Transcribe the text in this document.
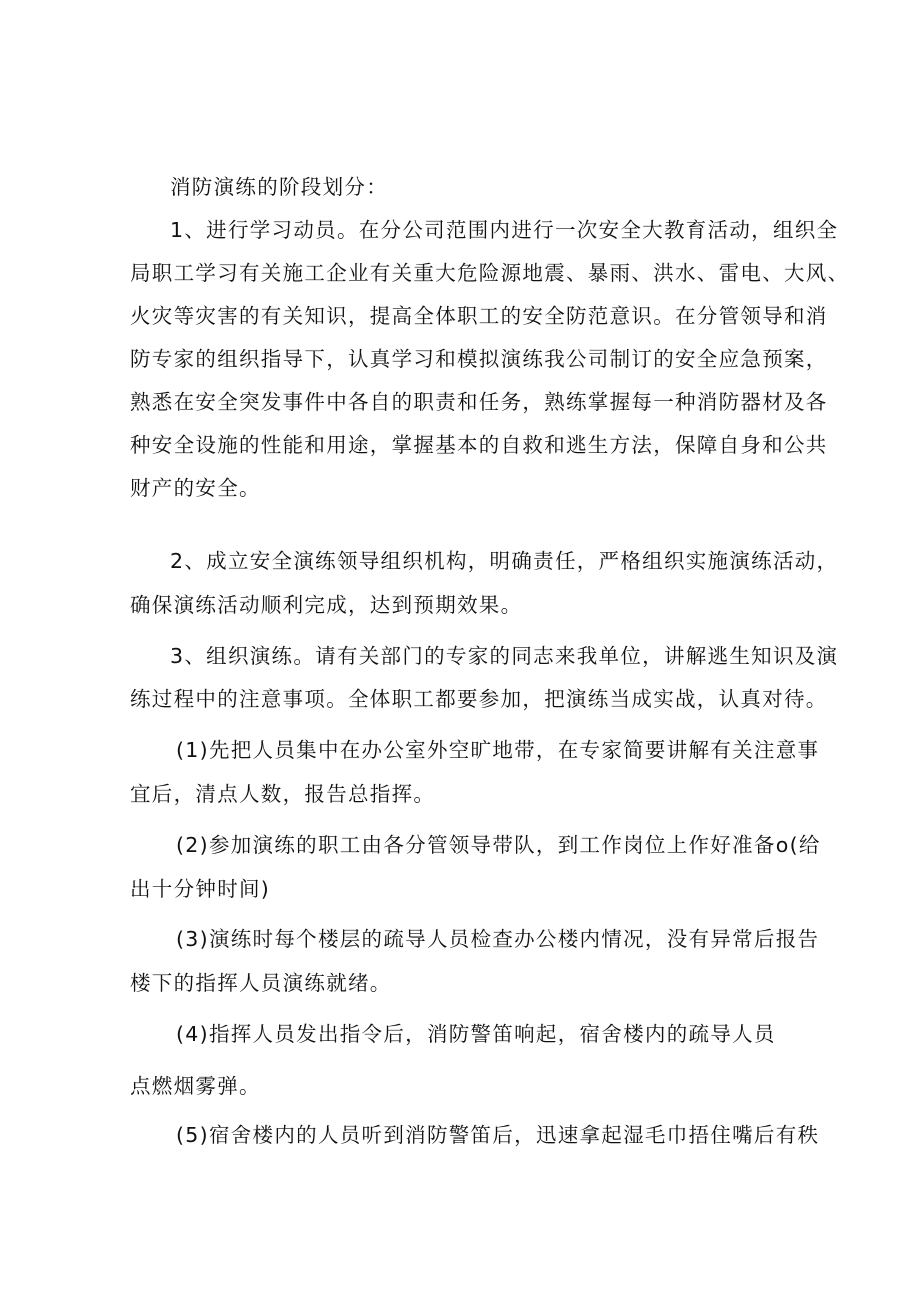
消防演练的阶段划分：
1、进行学习动员。在分公司范围内进行一次安全大教育活动，组织全
局职工学习有关施工企业有关重大危险源地震、暴雨、洪水、雷电、大风、
火灾等灾害的有关知识，提高全体职工的安全防范意识。在分管领导和消
防专家的组织指导下，认真学习和模拟演练我公司制订的安全应急预案，
熟悉在安全突发事件中各自的职责和任务，熟练掌握每一种消防器材及各
种安全设施的性能和用途，掌握基本的自救和逃生方法，保障自身和公共
财产的安全。
2、成立安全演练领导组织机构，明确责任，严格组织实施演练活动，
确保演练活动顺利完成，达到预期效果。
3、组织演练。请有关部门的专家的同志来我单位，讲解逃生知识及演
练过程中的注意事项。全体职工都要参加，把演练当成实战，认真对待。
(1)先把人员集中在办公室外空旷地带，在专家简要讲解有关注意事
宜后，清点人数，报告总指挥。
(2)参加演练的职工由各分管领导带队，到工作岗位上作好准备o(给
出十分钟时间)
(3)演练时每个楼层的疏导人员检查办公楼内情况，没有异常后报告
楼下的指挥人员演练就绪。
(4)指挥人员发出指令后，消防警笛响起，宿舍楼内的疏导人员
点燃烟雾弹。
(5)宿舍楼内的人员听到消防警笛后，迅速拿起湿毛巾捂住嘴后有秩
